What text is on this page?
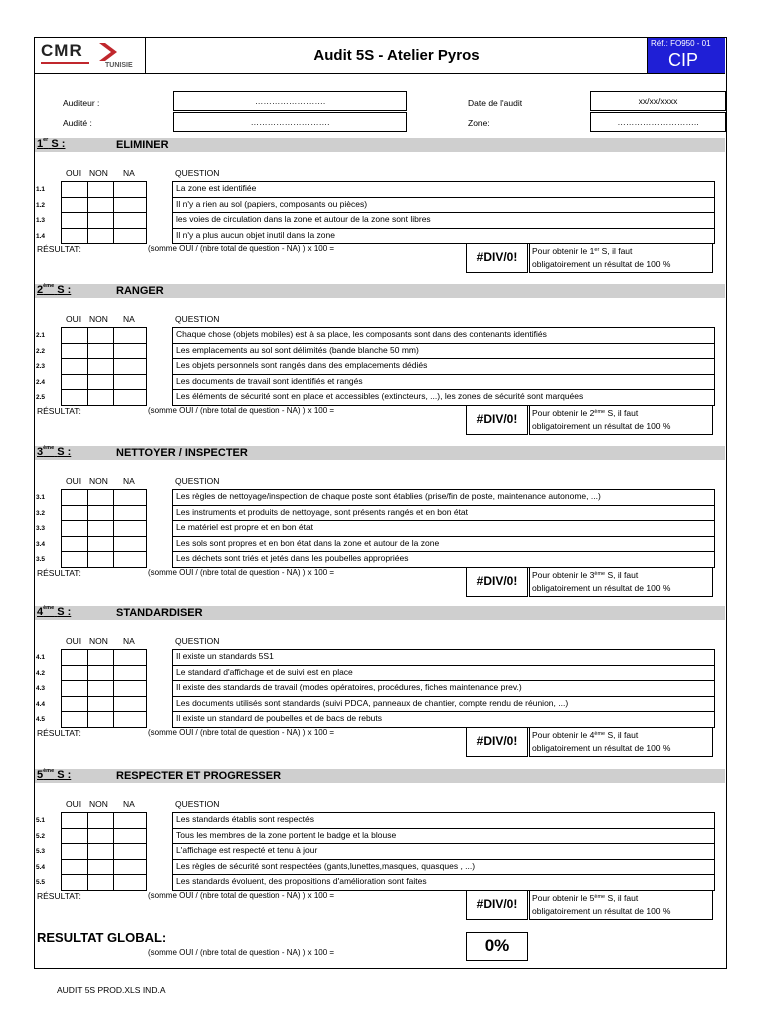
CMR
TUNISIE
Audit 5S - Atelier Pyros
Réf.: FO950 - 01
CIP
Auditeur :	…………………….
Audité :	……………………….
Date de l'audit	xx/xx/xxxx
Zone:	………………………..
1er S :	ELIMINER
OUI NON NA	QUESTION
1.1	La zone est identifiée
1.2	Il n'y a rien au sol (papiers, composants ou pièces)
1.3	les voies de circulation dans la zone et autour de la zone sont libres
1.4	Il n'y a plus aucun objet inutil dans la zone
RÉSULTAT:	(somme OUI / (nbre total de question - NA) ) x 100 =
#DIV/0!	Pour obtenir le 1er S, il faut
obligatoirement un résultat de 100 %
2ème S :	RANGER
OUI NON NA	QUESTION
2.1	Chaque chose (objets mobiles) est à sa place, les composants sont dans des contenants identifiés
2.2	Les emplacements au sol sont délimités (bande blanche 50 mm)
2.3	Les objets personnels sont rangés dans des emplacements dédiés
2.4	Les documents de travail sont identifiés et rangés
2.5	Les éléments de sécurité sont en place et accessibles (extincteurs, ...), les zones de sécurité sont marquées
RÉSULTAT:	(somme OUI / (nbre total de question - NA) ) x 100 =
#DIV/0!	Pour obtenir le 2ème S, il faut
obligatoirement un résultat de 100 %
3ème S :	NETTOYER / INSPECTER
OUI NON NA	QUESTION
3.1	Les règles de nettoyage/inspection de chaque poste sont établies (prise/fin de poste, maintenance autonome, ...)
3.2	Les instruments et produits de nettoyage, sont présents rangés et en bon état
3.3	Le matériel est propre et en bon état
3.4	Les sols sont propres et en bon état dans la zone et autour de la zone
3.5	Les déchets sont triés et jetés dans les poubelles appropriées
RÉSULTAT:	(somme OUI / (nbre total de question - NA) ) x 100 =
#DIV/0!	Pour obtenir le 3ème S, il faut
obligatoirement un résultat de 100 %
4ème S :	STANDARDISER
OUI NON NA	QUESTION
4.1	Il existe un standards 5S1
4.2	Le standard d'affichage et de suivi est en place
4.3	Il existe des standards de travail (modes opératoires, procédures, fiches maintenance prev.)
4.4	Les documents utilisés sont standards (suivi PDCA, panneaux de chantier, compte rendu de réunion, ...)
4.5	Il existe un standard de poubelles et de bacs de rebuts
RÉSULTAT:	(somme OUI / (nbre total de question - NA) ) x 100 =
#DIV/0!	Pour obtenir le 4ème S, il faut
obligatoirement un résultat de 100 %
5ème S :	RESPECTER ET PROGRESSER
OUI NON NA	QUESTION
5.1	Les standards établis sont respectés
5.2	Tous les membres de la zone portent le badge et la blouse
5.3	L'affichage est respecté et tenu à jour
5.4	Les règles de sécurité sont respectées (gants,lunettes,masques, quasques , ...)
5.5	Les standards évoluent, des propositions d'amélioration sont faites
RÉSULTAT:	(somme OUI / (nbre total de question - NA) ) x 100 =
#DIV/0!	Pour obtenir le 5ème S, il faut
obligatoirement un résultat de 100 %
RESULTAT GLOBAL:
(somme OUI / (nbre total de question - NA) ) x 100 =	0%
AUDIT 5S PROD.XLS IND.A
